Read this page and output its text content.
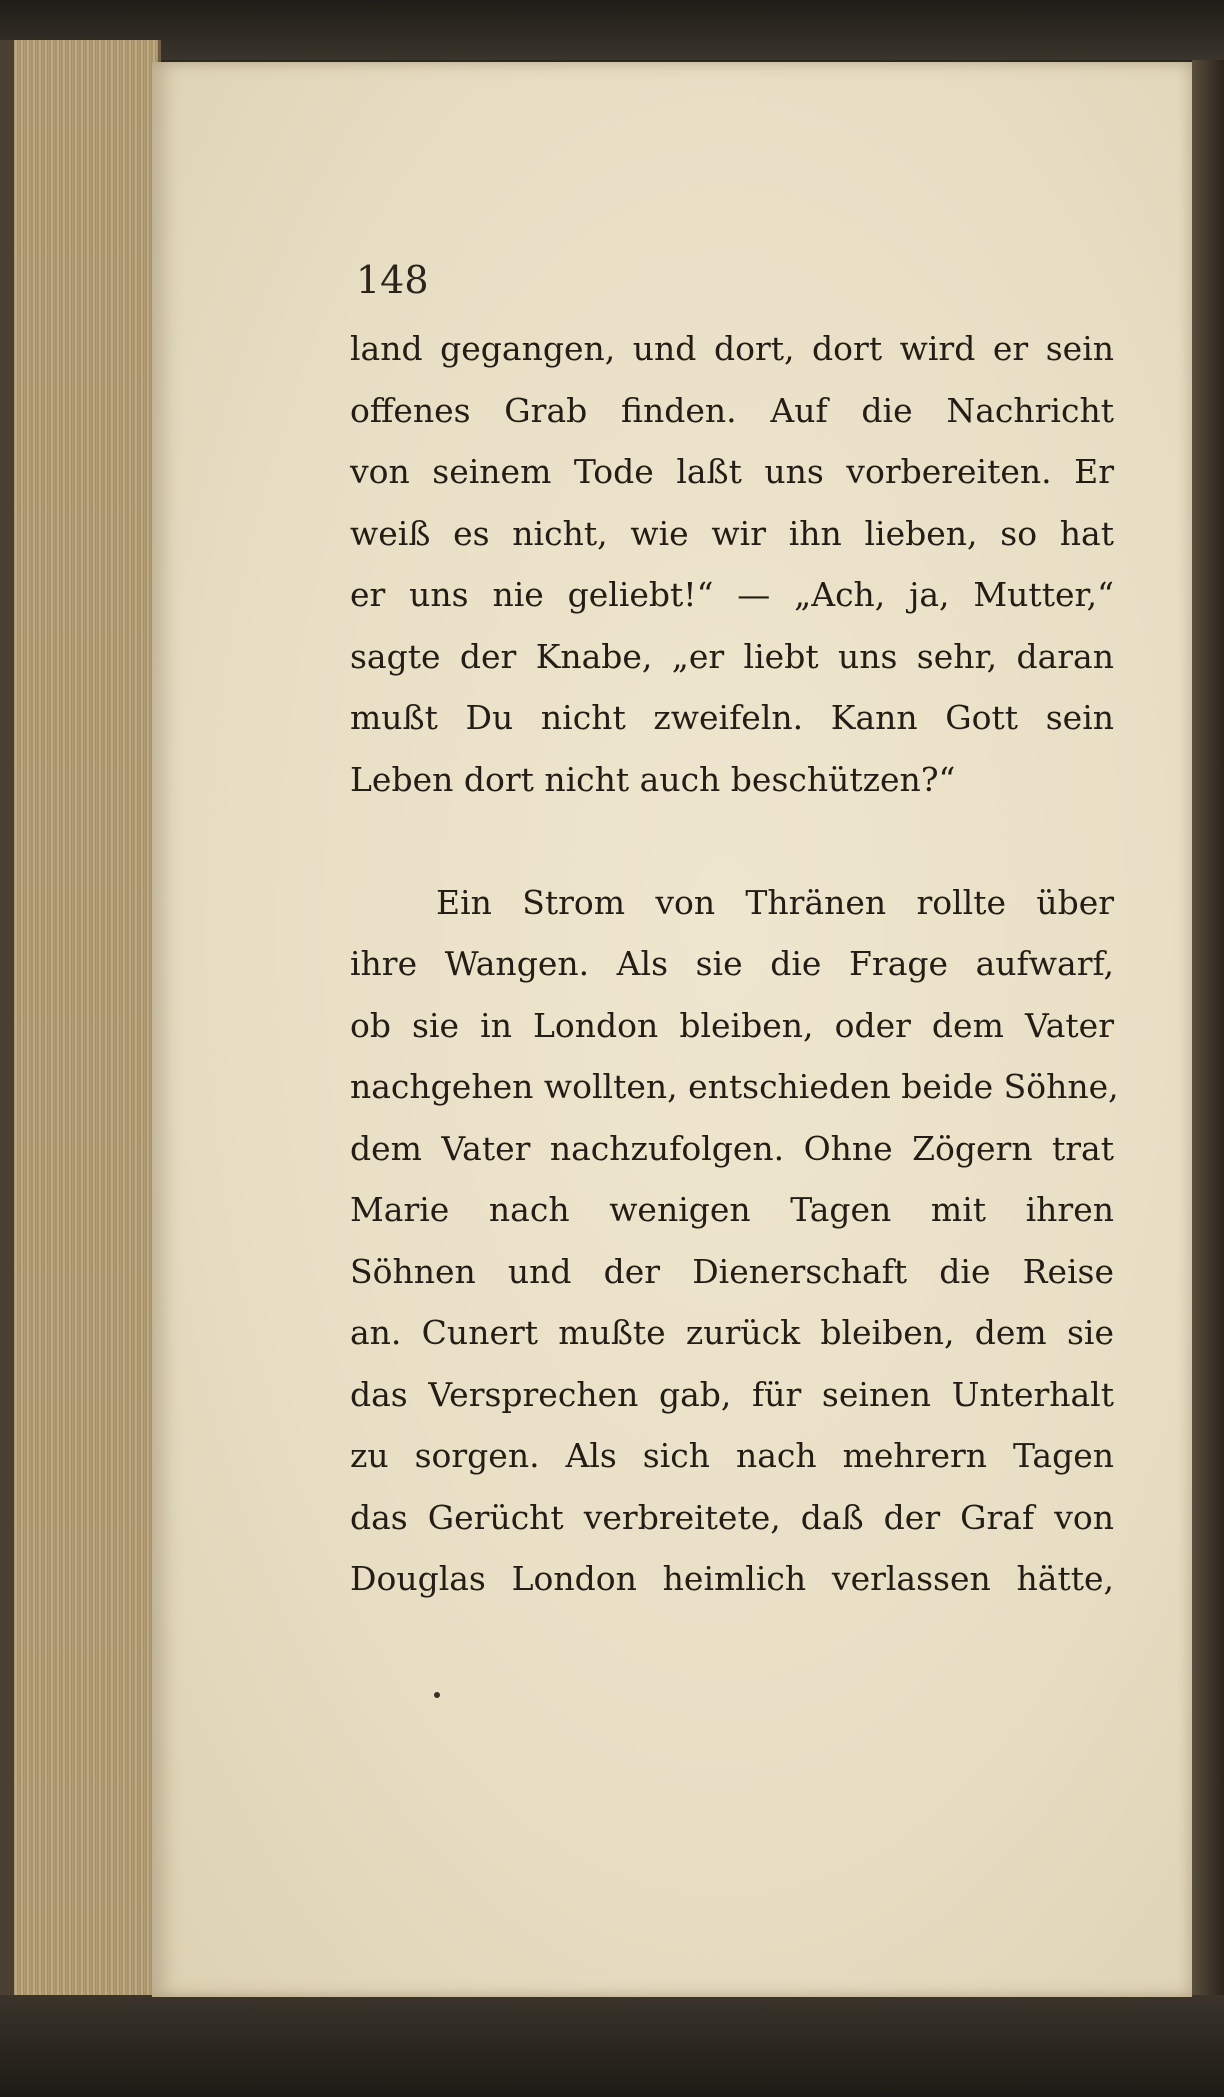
148

land gegangen, und dort, dort wird er sein
offenes Grab finden. Auf die Nachricht
von seinem Tode laßt uns vorbereiten. Er
weiß es nicht, wie wir ihn lieben, so hat
er uns nie geliebt!“ — „Ach, ja, Mutter,“
sagte der Knabe, „er liebt uns sehr, daran
mußt Du nicht zweifeln. Kann Gott sein
Leben dort nicht auch beschützen?“
Ein Strom von Thränen rollte über
ihre Wangen. Als sie die Frage aufwarf,
ob sie in London bleiben, oder dem Vater
nachgehen wollten, entschieden beide Söhne,
dem Vater nachzufolgen. Ohne Zögern trat
Marie nach wenigen Tagen mit ihren
Söhnen und der Dienerschaft die Reise
an. Cunert mußte zurück bleiben, dem sie
das Versprechen gab, für seinen Unterhalt
zu sorgen. Als sich nach mehrern Tagen
das Gerücht verbreitete, daß der Graf von
Douglas London heimlich verlassen hätte,
